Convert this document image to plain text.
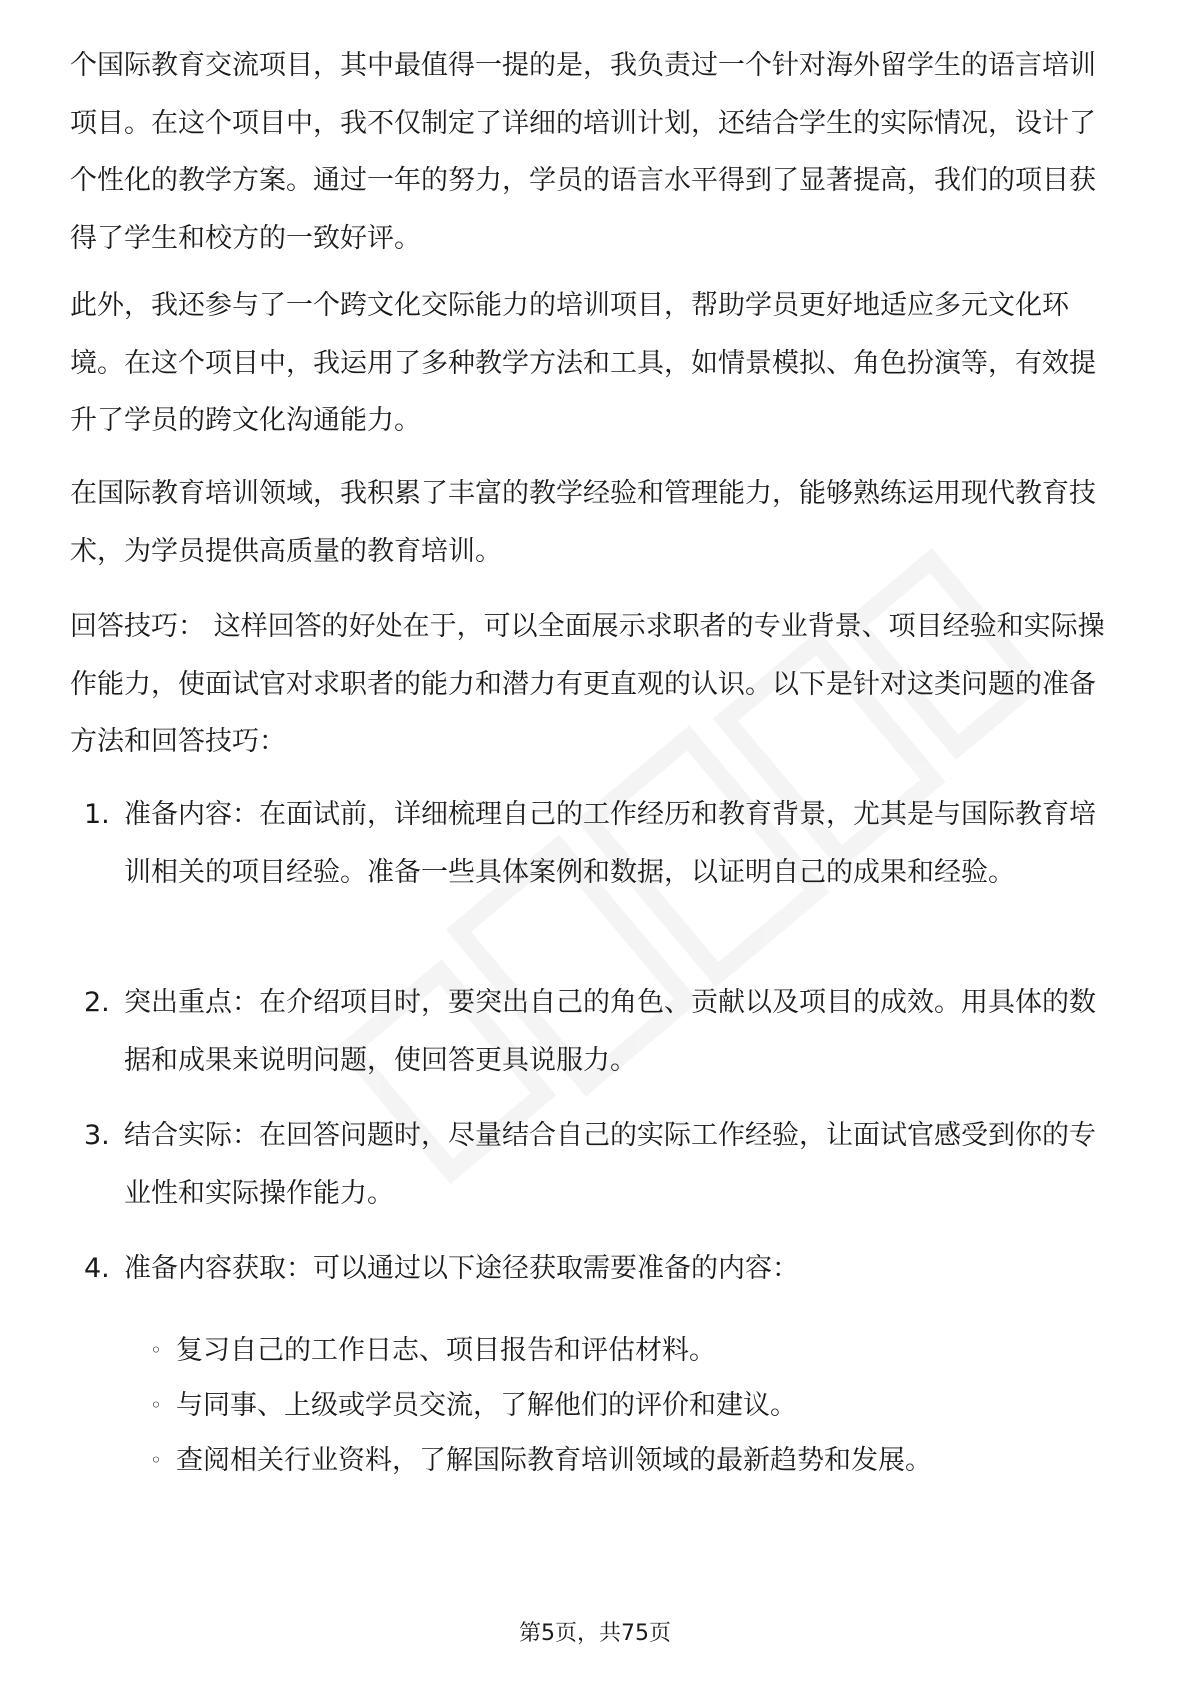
个国际教育交流项目，其中最值得一提的是，我负责过一个针对海外留学生的语言培训项目。在这个项目中，我不仅制定了详细的培训计划，还结合学生的实际情况，设计了个性化的教学方案。通过一年的努力，学员的语言水平得到了显著提高，我们的项目获得了学生和校方的一致好评。

此外，我还参与了一个跨文化交际能力的培训项目，帮助学员更好地适应多元文化环境。在这个项目中，我运用了多种教学方法和工具，如情景模拟、角色扮演等，有效提升了学员的跨文化沟通能力。

在国际教育培训领域，我积累了丰富的教学经验和管理能力，能够熟练运用现代教育技术，为学员提供高质量的教育培训。

回答技巧： 这样回答的好处在于，可以全面展示求职者的专业背景、项目经验和实际操作能力，使面试官对求职者的能力和潜力有更直观的认识。以下是针对这类问题的准备方法和回答技巧：

1. 准备内容：在面试前，详细梳理自己的工作经历和教育背景，尤其是与国际教育培训相关的项目经验。准备一些具体案例和数据，以证明自己的成果和经验。
2. 突出重点：在介绍项目时，要突出自己的角色、贡献以及项目的成效。用具体的数据和成果来说明问题，使回答更具说服力。
3. 结合实际：在回答问题时，尽量结合自己的实际工作经验，让面试官感受到你的专业性和实际操作能力。
4. 准备内容获取：可以通过以下途径获取需要准备的内容：
◦ 复习自己的工作日志、项目报告和评估材料。
◦ 与同事、上级或学员交流，了解他们的评价和建议。
◦ 查阅相关行业资料，了解国际教育培训领域的最新趋势和发展。
第5页，共75页
